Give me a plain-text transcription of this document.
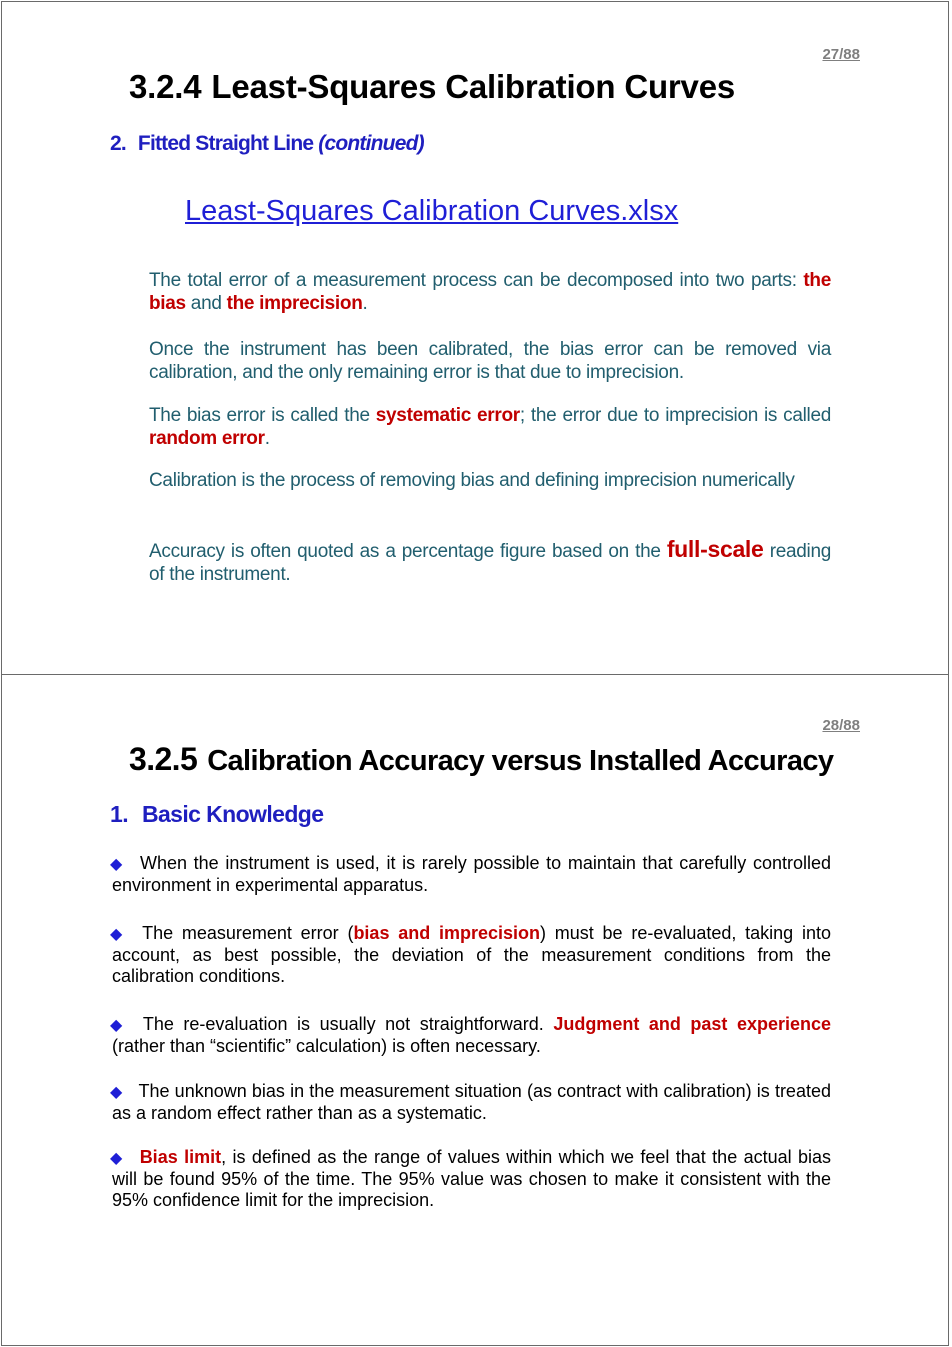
27/88
3.2.4 Least-Squares Calibration Curves
2. Fitted Straight Line (continued)
Least-Squares Calibration Curves.xlsx

The total error of a measurement process can be decomposed into two parts: the bias and the imprecision.

Once the instrument has been calibrated, the bias error can be removed via calibration, and the only remaining error is that due to imprecision.

The bias error is called the systematic error; the error due to imprecision is called random error.

Calibration is the process of removing bias and defining imprecision numerically

Accuracy is often quoted as a percentage figure based on the full-scale reading of the instrument.

28/88
3.2.5 Calibration Accuracy versus Installed Accuracy
1. Basic Knowledge

◆ When the instrument is used, it is rarely possible to maintain that carefully controlled environment in experimental apparatus.

◆ The measurement error (bias and imprecision) must be re-evaluated, taking into account, as best possible, the deviation of the measurement conditions from the calibration conditions.

◆ The re-evaluation is usually not straightforward. Judgment and past experience (rather than “scientific” calculation) is often necessary.

◆ The unknown bias in the measurement situation (as contract with calibration) is treated as a random effect rather than as a systematic.

◆ Bias limit, is defined as the range of values within which we feel that the actual bias will be found 95% of the time. The 95% value was chosen to make it consistent with the 95% confidence limit for the imprecision.
